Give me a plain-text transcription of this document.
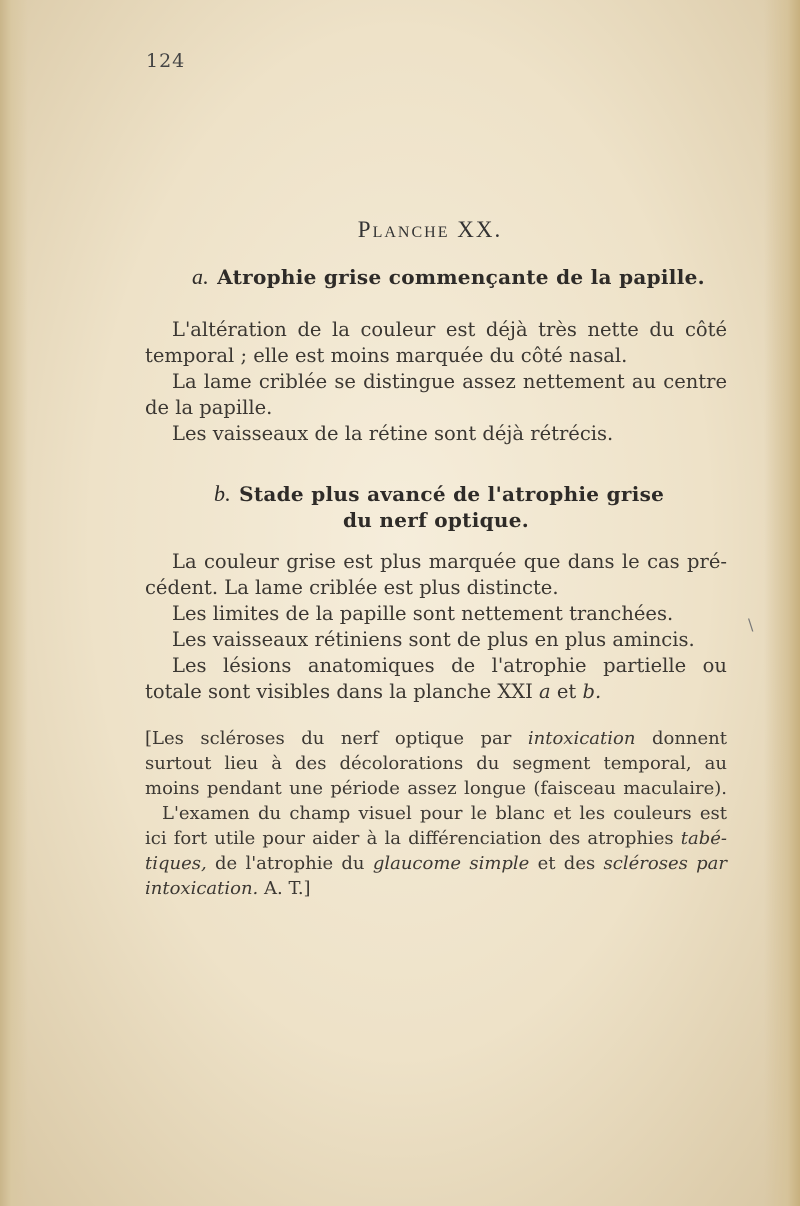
124
Planche XX.
a. Atrophie grise commençante de la papille.
L'altération de la couleur est déjà très nette du côté
temporal ; elle est moins marquée du côté nasal.
La lame criblée se distingue assez nettement au centre
de la papille.
Les vaisseaux de la rétine sont déjà rétrécis.
b. Stade plus avancé de l'atrophie grise
du nerf optique.
La couleur grise est plus marquée que dans le cas pré-
cédent. La lame criblée est plus distincte.
Les limites de la papille sont nettement tranchées.
Les vaisseaux rétiniens sont de plus en plus amincis.
Les lésions anatomiques de l'atrophie partielle ou
totale sont visibles dans la planche XXI a et b.
\
[Les scléroses du nerf optique par intoxication donnent
surtout lieu à des décolorations du segment temporal, au
moins pendant une période assez longue (faisceau maculaire).
L'examen du champ visuel pour le blanc et les couleurs est
ici fort utile pour aider à la différenciation des atrophies tabé-
tiques, de l'atrophie du glaucome simple et des scléroses par
intoxication. A. T.]
